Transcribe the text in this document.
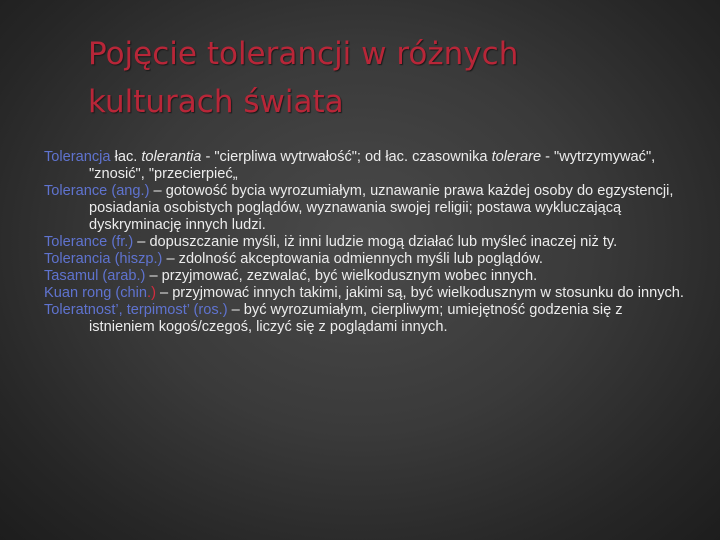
Pojęcie tolerancji w różnych
kulturach świata
Tolerancja łac. tolerantia - "cierpliwa wytrwałość"; od łac. czasownika tolerare - "wytrzymywać", "znosić", "przecierpieć„
Tolerance (ang.) – gotowość bycia wyrozumiałym, uznawanie prawa każdej osoby do egzystencji, posiadania osobistych poglądów, wyznawania swojej religii; postawa wykluczającą dyskryminację innych ludzi.
Tolerance (fr.) – dopuszczanie myśli, iż inni ludzie mogą działać lub myśleć inaczej niż ty.
Tolerancia (hiszp.) – zdolność akceptowania odmiennych myśli lub poglądów.
Tasamul (arab.) – przyjmować, zezwalać, być wielkodusznym wobec innych.
Kuan rong (chin.) – przyjmować innych takimi, jakimi są, być wielkodusznym w stosunku do innych.
Toleratnost’, terpimost’ (ros.) – być wyrozumiałym, cierpliwym; umiejętność godzenia się z istnieniem kogoś/czegoś, liczyć się z poglądami innych.
